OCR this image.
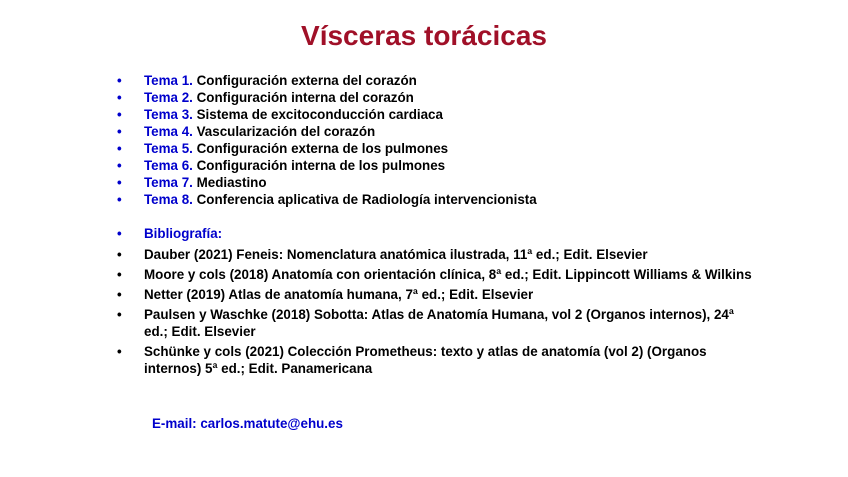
Vísceras torácicas
• Tema 1. Configuración externa del corazón
• Tema 2. Configuración interna del corazón
• Tema 3. Sistema de excitoconducción cardiaca
• Tema 4. Vascularización del corazón
• Tema 5. Configuración externa de los pulmones
• Tema 6. Configuración interna de los pulmones
• Tema 7. Mediastino
• Tema 8. Conferencia aplicativa de Radiología intervencionista
• Bibliografía:
• Dauber (2021) Feneis: Nomenclatura anatómica ilustrada, 11ª ed.; Edit. Elsevier
• Moore y cols (2018) Anatomía con orientación clínica, 8ª ed.; Edit. Lippincott Williams & Wilkins
• Netter (2019) Atlas de anatomía humana, 7ª ed.; Edit. Elsevier
• Paulsen y Waschke (2018) Sobotta: Atlas de Anatomía Humana, vol 2 (Organos internos), 24ª ed.; Edit. Elsevier
• Schünke y cols (2021) Colección Prometheus: texto y atlas de anatomía (vol 2) (Organos internos) 5ª ed.; Edit. Panamericana
E-mail: carlos.matute@ehu.es
